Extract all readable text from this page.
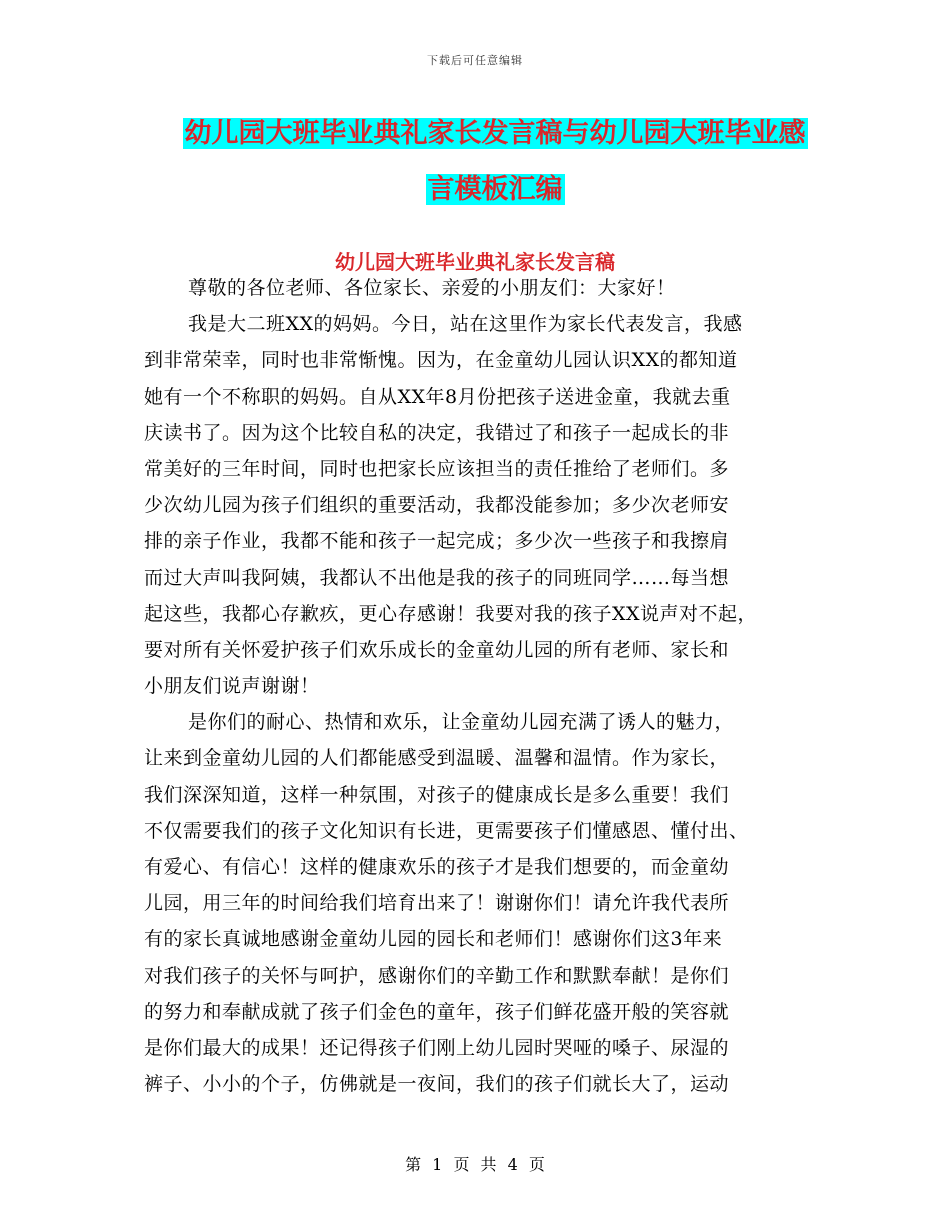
下载后可任意编辑
幼儿园大班毕业典礼家长发言稿与幼儿园大班毕业感
言模板汇编
幼儿园大班毕业典礼家长发言稿
尊敬的各位老师、各位家长、亲爱的小朋友们：大家好！
我是大二班XX的妈妈。今日，站在这里作为家长代表发言，我感
到非常荣幸，同时也非常惭愧。因为，在金童幼儿园认识XX的都知道
她有一个不称职的妈妈。自从XX年8月份把孩子送进金童，我就去重
庆读书了。因为这个比较自私的决定，我错过了和孩子一起成长的非
常美好的三年时间，同时也把家长应该担当的责任推给了老师们。多
少次幼儿园为孩子们组织的重要活动，我都没能参加；多少次老师安
排的亲子作业，我都不能和孩子一起完成；多少次一些孩子和我擦肩
而过大声叫我阿姨，我都认不出他是我的孩子的同班同学……每当想
起这些，我都心存歉疚，更心存感谢！我要对我的孩子XX说声对不起，
要对所有关怀爱护孩子们欢乐成长的金童幼儿园的所有老师、家长和
小朋友们说声谢谢！
是你们的耐心、热情和欢乐，让金童幼儿园充满了诱人的魅力，
让来到金童幼儿园的人们都能感受到温暖、温馨和温情。作为家长，
我们深深知道，这样一种氛围，对孩子的健康成长是多么重要！我们
不仅需要我们的孩子文化知识有长进，更需要孩子们懂感恩、懂付出、
有爱心、有信心！这样的健康欢乐的孩子才是我们想要的，而金童幼
儿园，用三年的时间给我们培育出来了！谢谢你们！请允许我代表所
有的家长真诚地感谢金童幼儿园的园长和老师们！感谢你们这3年来
对我们孩子的关怀与呵护，感谢你们的辛勤工作和默默奉献！是你们
的努力和奉献成就了孩子们金色的童年，孩子们鲜花盛开般的笑容就
是你们最大的成果！还记得孩子们刚上幼儿园时哭哑的嗓子、尿湿的
裤子、小小的个子，仿佛就是一夜间，我们的孩子们就长大了，运动
第 1 页 共 4 页
